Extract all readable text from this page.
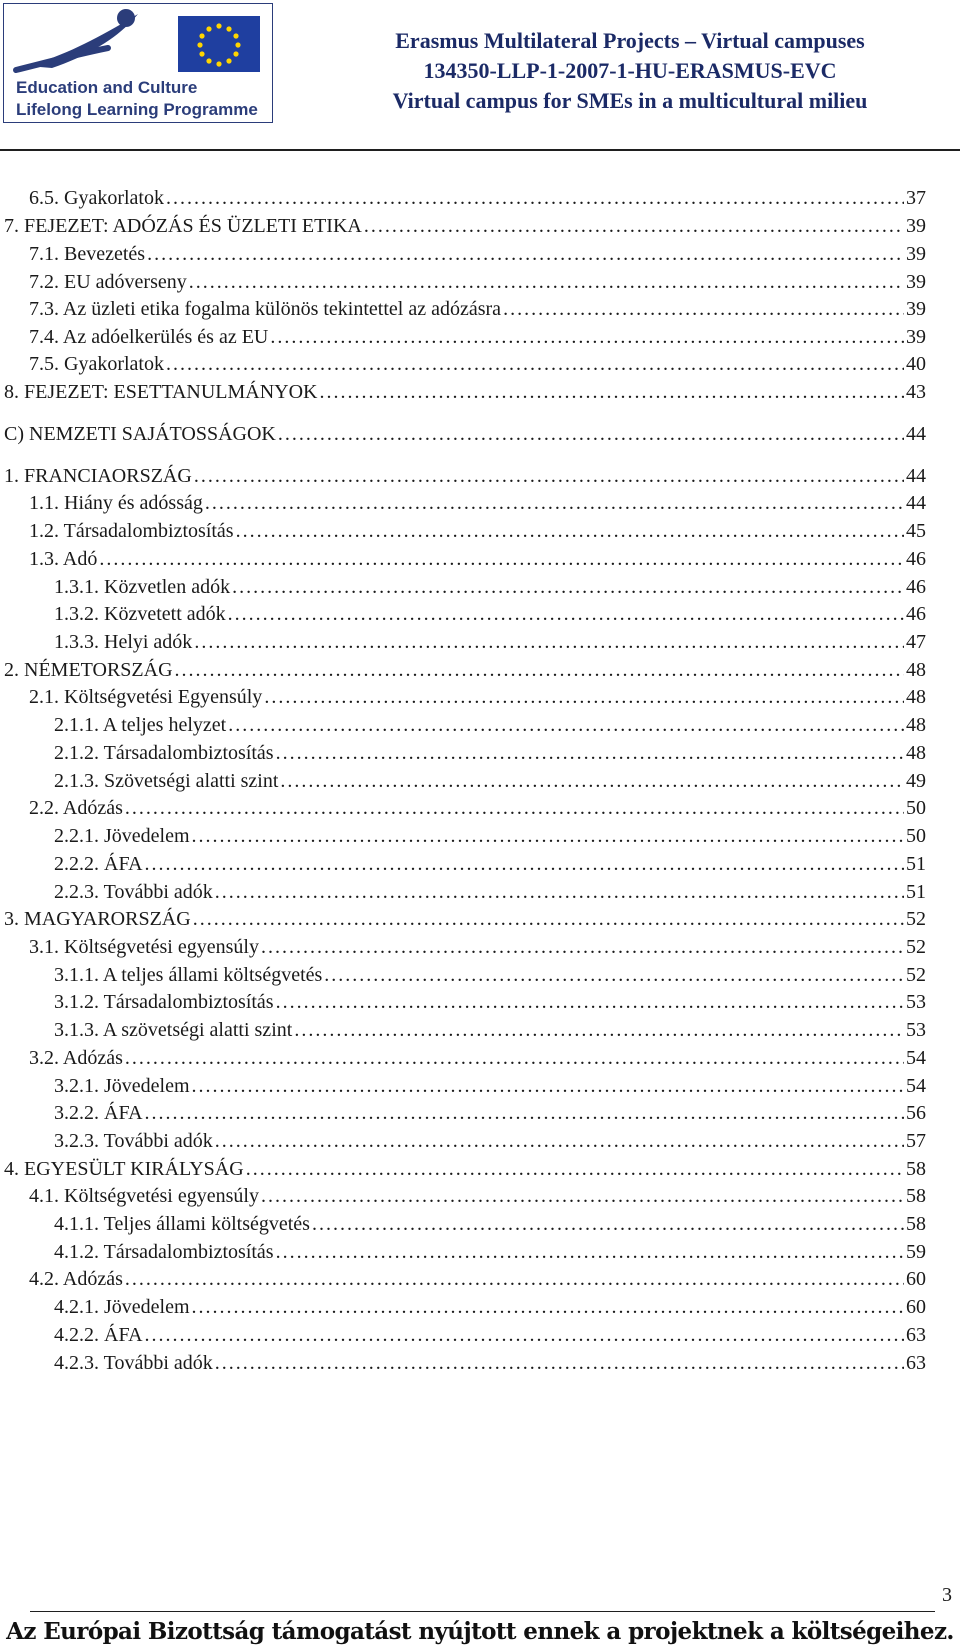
Education and Culture
Lifelong Learning Programme
Erasmus Multilateral Projects – Virtual campuses
134350-LLP-1-2007-1-HU-ERASMUS-EVC
Virtual campus for SMEs in a multicultural milieu
6.5. Gyakorlatok .....	37
7. FEJEZET: ADÓZÁS ÉS ÜZLETI ETIKA .....	39
7.1. Bevezetés .....	39
7.2. EU adóverseny .....	39
7.3. Az üzleti etika fogalma különös tekintettel az adózásra .....	39
7.4. Az adóelkerülés és az EU .....	39
7.5. Gyakorlatok .....	40
8. FEJEZET: ESETTANULMÁNYOK .....	43
C) NEMZETI SAJÁTOSSÁGOK .....	44
1. FRANCIAORSZÁG .....	44
1.1. Hiány és adósság .....	44
1.2. Társadalombiztosítás .....	45
1.3. Adó .....	46
1.3.1. Közvetlen adók .....	46
1.3.2. Közvetett adók .....	46
1.3.3. Helyi adók .....	47
2. NÉMETORSZÁG .....	48
2.1. Költségvetési Egyensúly .....	48
2.1.1. A teljes helyzet .....	48
2.1.2. Társadalombiztosítás .....	48
2.1.3. Szövetségi alatti szint .....	49
2.2. Adózás .....	50
2.2.1. Jövedelem .....	50
2.2.2. ÁFA .....	51
2.2.3. További adók .....	51
3. MAGYARORSZÁG .....	52
3.1. Költségvetési egyensúly .....	52
3.1.1. A teljes állami költségvetés .....	52
3.1.2. Társadalombiztosítás .....	53
3.1.3. A szövetségi alatti szint .....	53
3.2. Adózás .....	54
3.2.1. Jövedelem .....	54
3.2.2. ÁFA .....	56
3.2.3. További adók .....	57
4. EGYESÜLT KIRÁLYSÁG .....	58
4.1. Költségvetési egyensúly .....	58
4.1.1. Teljes állami költségvetés .....	58
4.1.2. Társadalombiztosítás .....	59
4.2. Adózás .....	60
4.2.1. Jövedelem .....	60
4.2.2. ÁFA .....	63
4.2.3. További adók .....	63
3
Az Európai Bizottság támogatást nyújtott ennek a projektnek a költségeihez.
